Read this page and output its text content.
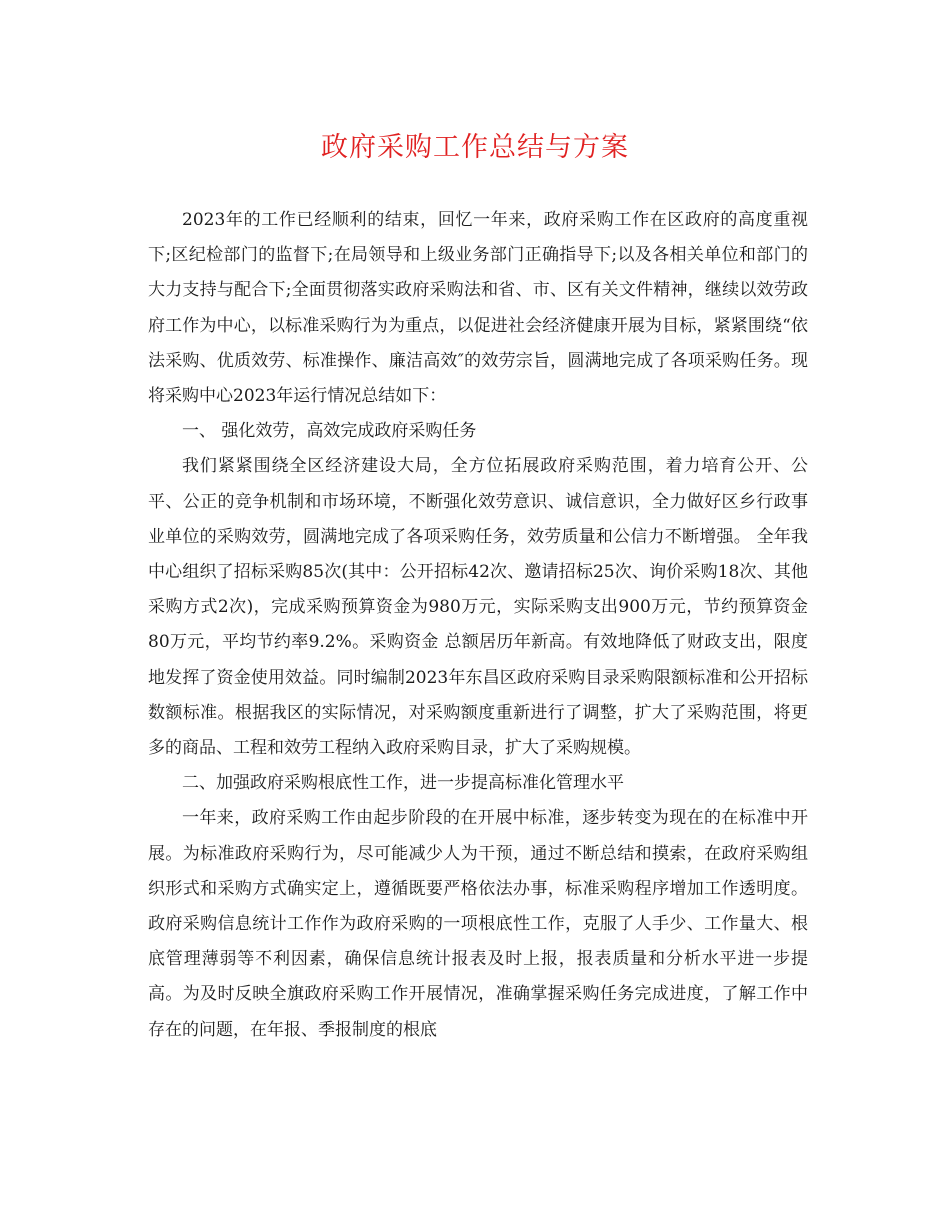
政府采购工作总结与方案

2023年的工作已经顺利的结束，回忆一年来，政府采购工作在区政府的高度重视下;区纪检部门的监督下;在局领导和上级业务部门正确指导下;以及各相关单位和部门的大力支持与配合下;全面贯彻落实政府采购法和省、市、区有关文件精神，继续以效劳政府工作为中心，以标准采购行为为重点，以促进社会经济健康开展为目标，紧紧围绕“依法采购、优质效劳、标准操作、廉洁高效″的效劳宗旨，圆满地完成了各项采购任务。现将采购中心2023年运行情况总结如下：

一、 强化效劳，高效完成政府采购任务

我们紧紧围绕全区经济建设大局，全方位拓展政府采购范围，着力培育公开、公平、公正的竞争机制和市场环境，不断强化效劳意识、诚信意识，全力做好区乡行政事业单位的采购效劳，圆满地完成了各项采购任务，效劳质量和公信力不断增强。 全年我中心组织了招标采购85次(其中：公开招标42次、邀请招标25次、询价采购18次、其他采购方式2次)，完成采购预算资金为980万元，实际采购支出900万元，节约预算资金80万元，平均节约率9.2%。采购资金 总额居历年新高。有效地降低了财政支出，限度地发挥了资金使用效益。同时编制2023年东昌区政府采购目录采购限额标准和公开招标数额标准。根据我区的实际情况，对采购额度重新进行了调整，扩大了采购范围，将更多的商品、工程和效劳工程纳入政府采购目录，扩大了采购规模。

二、加强政府采购根底性工作，进一步提高标准化管理水平

一年来，政府采购工作由起步阶段的在开展中标准，逐步转变为现在的在标准中开展。为标准政府采购行为，尽可能减少人为干预，通过不断总结和摸索，在政府采购组织形式和采购方式确实定上，遵循既要严格依法办事，标准采购程序增加工作透明度。政府采购信息统计工作作为政府采购的一项根底性工作，克服了人手少、工作量大、根底管理薄弱等不利因素，确保信息统计报表及时上报，报表质量和分析水平进一步提高。为及时反映全旗政府采购工作开展情况，准确掌握采购任务完成进度，了解工作中存在的问题，在年报、季报制度的根底
